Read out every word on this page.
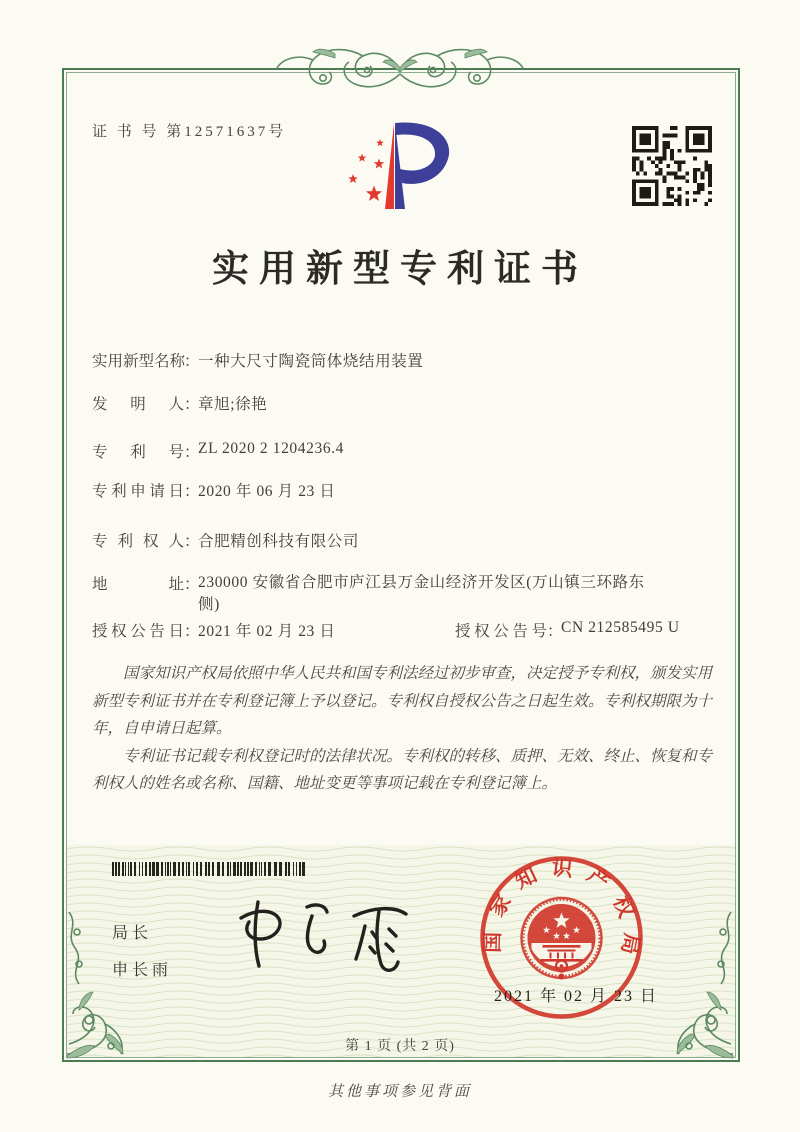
证 书 号 第12571637号
实用新型专利证书
实用新型名称
：
一种大尺寸陶瓷筒体烧结用装置
发明人 ：
章旭;徐艳
专利号 ：
ZL 2020 2 1204236.4
专利申请日 ：
2020 年 06 月 23 日
专利权人 ：
合肥精创科技有限公司
地址 ：
230000 安徽省合肥市庐江县万金山经济开发区(万山镇三环路东侧)
授权公告日 ：
2021 年 02 月 23 日	授权公告号 ：
CN 212585495 U

国家知识产权局依照中华人民共和国专利法经过初步审查，决定授予专利权，颁发实用新型专利证书并在专利登记簿上予以登记。专利权自授权公告之日起生效。专利权期限为十年，自申请日起算。

专利证书记载专利权登记时的法律状况。专利权的转移、质押、无效、终止、恢复和专利权人的姓名或名称、国籍、地址变更等事项记载在专利登记簿上。

局长
申长雨
国家知识产权局
2021 年 02 月 23 日
第 1 页 (共 2 页)
其他事项参见背面
